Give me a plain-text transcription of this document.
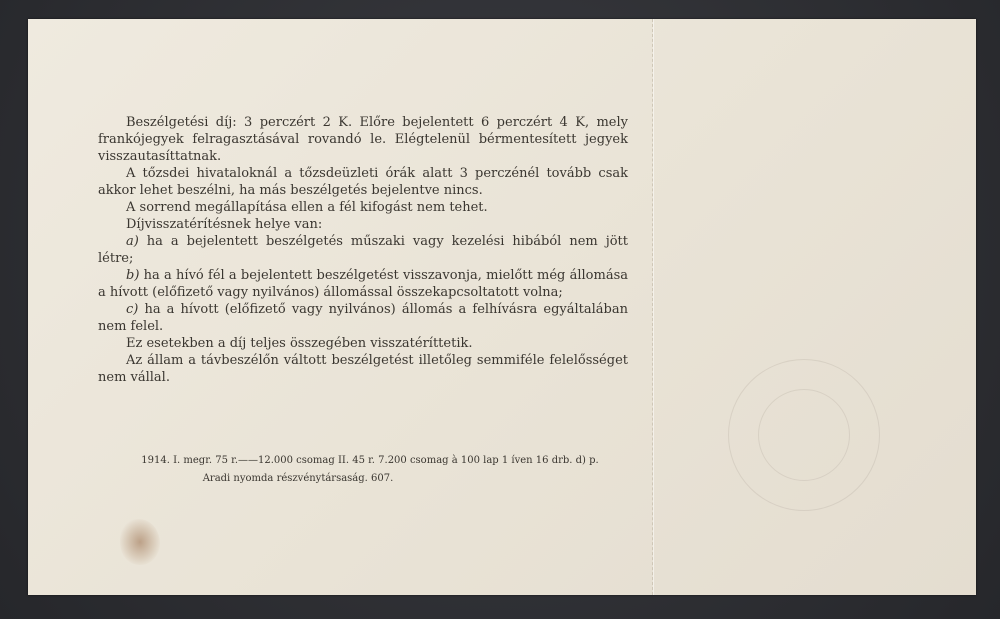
Beszélgetési díj: 3 perczért 2 K. Előre bejelentett 6 perczért 4 K, mely frankójegyek felragasztásával rovandó le. Elégtelenül bérmentesített jegyek visszautasíttatnak.

A tőzsdei hivataloknál a tőzsdeüzleti órák alatt 3 perczénél tovább csak akkor lehet beszélni, ha más beszélgetés bejelentve nincs.

A sorrend megállapítása ellen a fél kifogást nem tehet.

Díjvisszatérítésnek helye van:

a) ha a bejelentett beszélgetés műszaki vagy kezelési hibából nem jött létre;

b) ha a hívó fél a bejelentett beszélgetést visszavonja, mielőtt még állomása a hívott (előfizető vagy nyilvános) állomással összekapcsoltatott volna;

c) ha a hívott (előfizető vagy nyilvános) állomás a felhívásra egyáltalában nem felel.

Ez esetekben a díj teljes összegében visszatéríttetik.

Az állam a távbeszélőn váltott beszélgetést illetőleg semmiféle felelősséget nem vállal.

1914. I. megr. 75 r.——12.000 csomag II. 45 r. 7.200 csomag à 100 lap 1 íven 16 drb. d) p.
Aradi nyomda részvénytársaság. 607.
